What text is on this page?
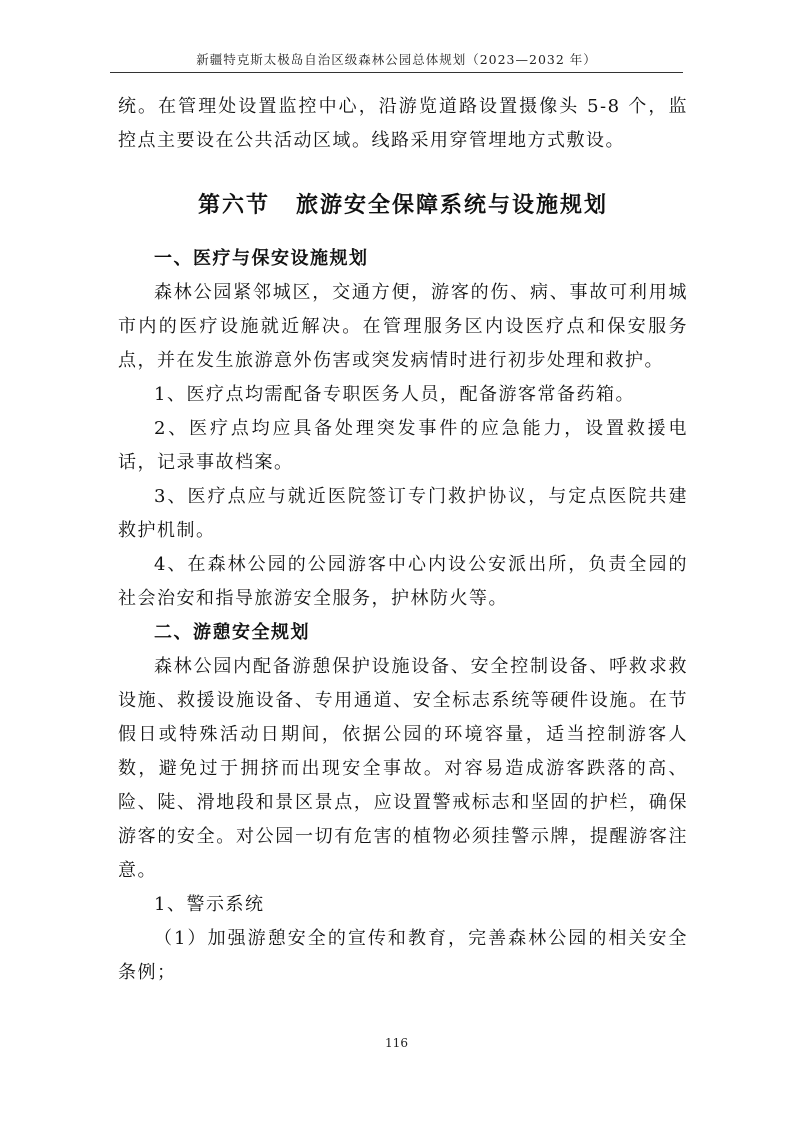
新疆特克斯太极岛自治区级森林公园总体规划（2023—2032 年）

统。在管理处设置监控中心，沿游览道路设置摄像头 5-8 个，监控点主要设在公共活动区域。线路采用穿管埋地方式敷设。

第六节 旅游安全保障系统与设施规划
一、医疗与保安设施规划

森林公园紧邻城区，交通方便，游客的伤、病、事故可利用城市内的医疗设施就近解决。在管理服务区内设医疗点和保安服务点，并在发生旅游意外伤害或突发病情时进行初步处理和救护。

1、医疗点均需配备专职医务人员，配备游客常备药箱。

2、医疗点均应具备处理突发事件的应急能力，设置救援电话，记录事故档案。

3、医疗点应与就近医院签订专门救护协议，与定点医院共建救护机制。

4、在森林公园的公园游客中心内设公安派出所，负责全园的社会治安和指导旅游安全服务，护林防火等。

二、游憩安全规划

森林公园内配备游憩保护设施设备、安全控制设备、呼救求救设施、救援设施设备、专用通道、安全标志系统等硬件设施。在节假日或特殊活动日期间，依据公园的环境容量，适当控制游客人数，避免过于拥挤而出现安全事故。对容易造成游客跌落的高、险、陡、滑地段和景区景点，应设置警戒标志和坚固的护栏，确保游客的安全。对公园一切有危害的植物必须挂警示牌，提醒游客注意。

1、警示系统

（1）加强游憩安全的宣传和教育，完善森林公园的相关安全条例；

116
